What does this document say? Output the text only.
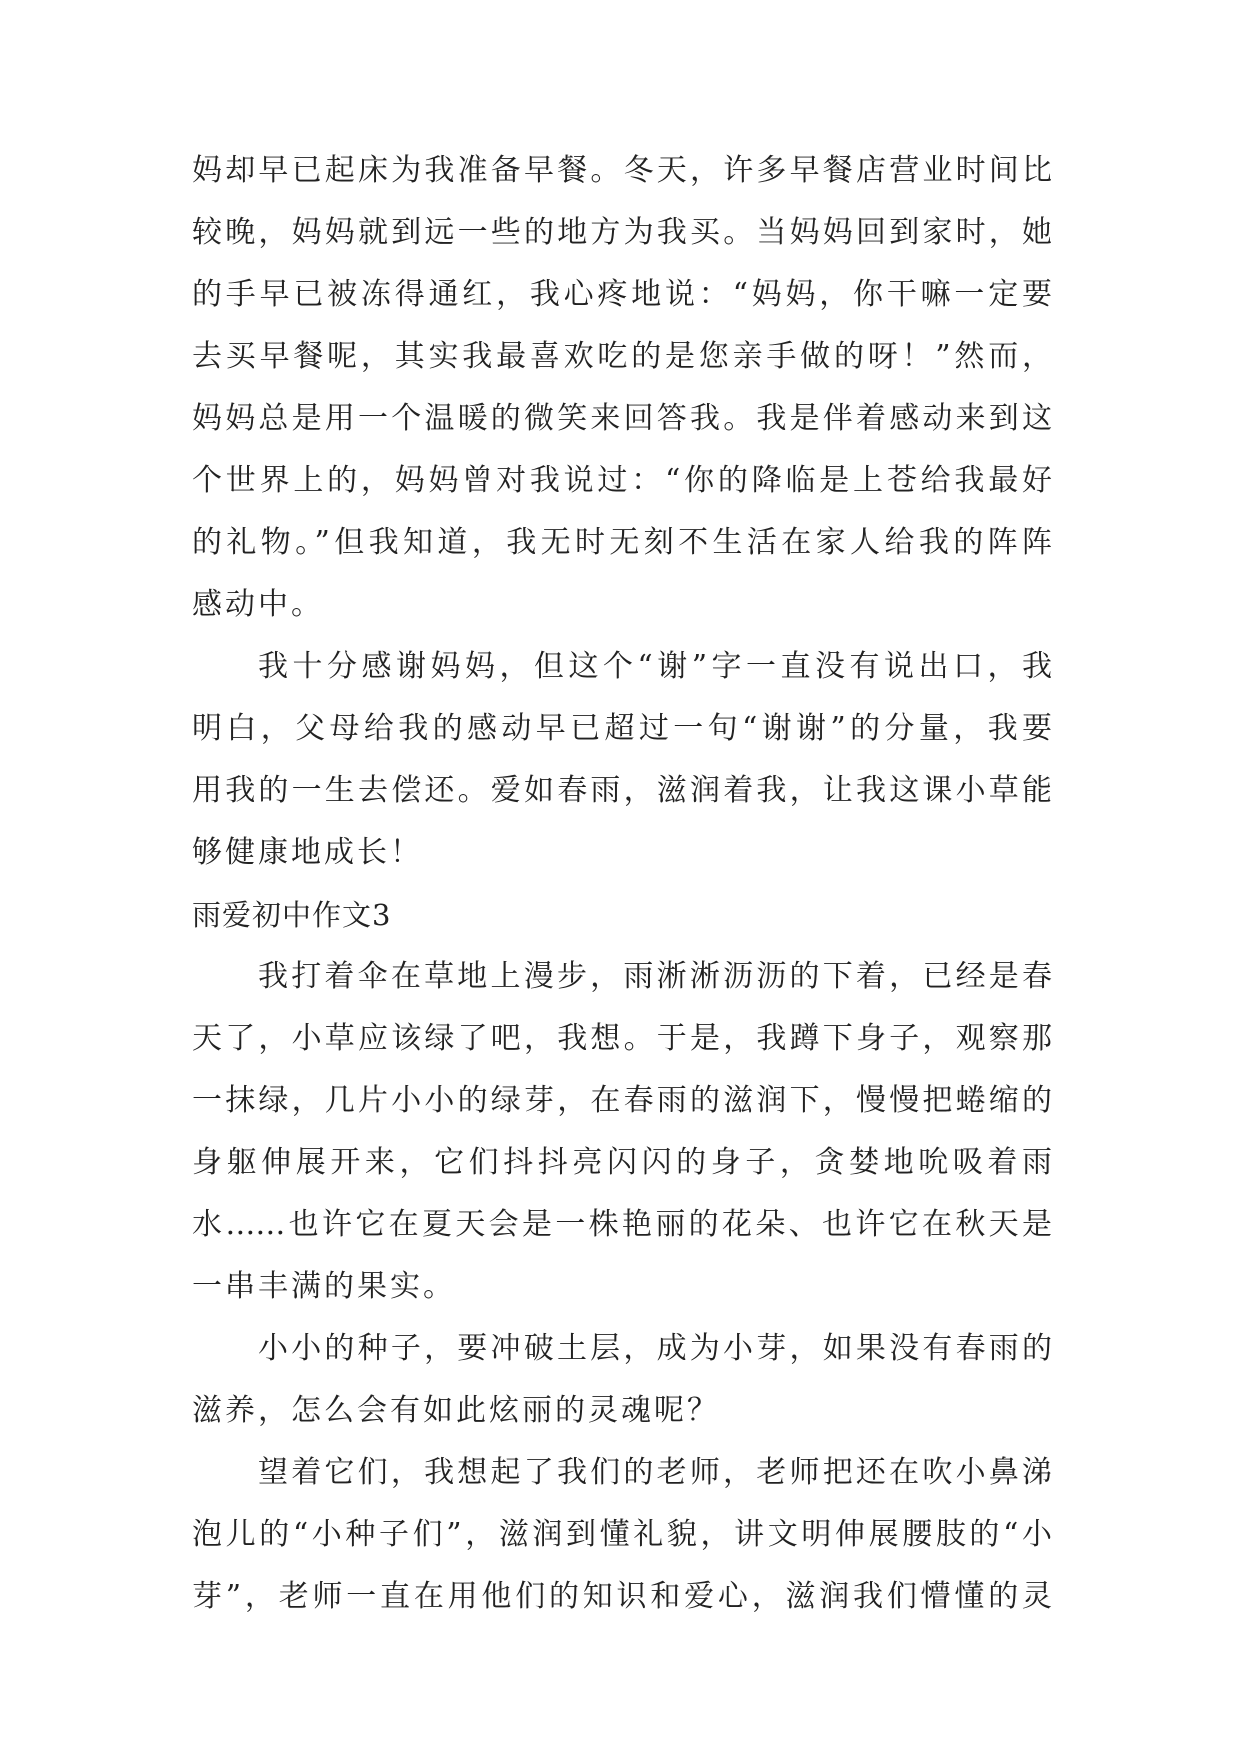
妈却早已起床为我准备早餐。冬天，许多早餐店营业时间比
较晚，妈妈就到远一些的地方为我买。当妈妈回到家时，她
的手早已被冻得通红，我心疼地说：“妈妈，你干嘛一定要
去买早餐呢，其实我最喜欢吃的是您亲手做的呀！”然而，
妈妈总是用一个温暖的微笑来回答我。我是伴着感动来到这
个世界上的，妈妈曾对我说过：“你的降临是上苍给我最好
的礼物。”但我知道，我无时无刻不生活在家人给我的阵阵
感动中。
我十分感谢妈妈，但这个“谢”字一直没有说出口，我
明白，父母给我的感动早已超过一句“谢谢”的分量，我要
用我的一生去偿还。爱如春雨，滋润着我，让我这课小草能
够健康地成长！
雨爱初中作文3
我打着伞在草地上漫步，雨淅淅沥沥的下着，已经是春
天了，小草应该绿了吧，我想。于是，我蹲下身子，观察那
一抹绿，几片小小的绿芽，在春雨的滋润下，慢慢把蜷缩的
身躯伸展开来，它们抖抖亮闪闪的身子，贪婪地吮吸着雨
水……也许它在夏天会是一株艳丽的花朵、也许它在秋天是
一串丰满的果实。
小小的种子，要冲破土层，成为小芽，如果没有春雨的
滋养，怎么会有如此炫丽的灵魂呢？
望着它们，我想起了我们的老师，老师把还在吹小鼻涕
泡儿的“小种子们”，滋润到懂礼貌，讲文明伸展腰肢的“小
芽”，老师一直在用他们的知识和爱心，滋润我们懵懂的灵
